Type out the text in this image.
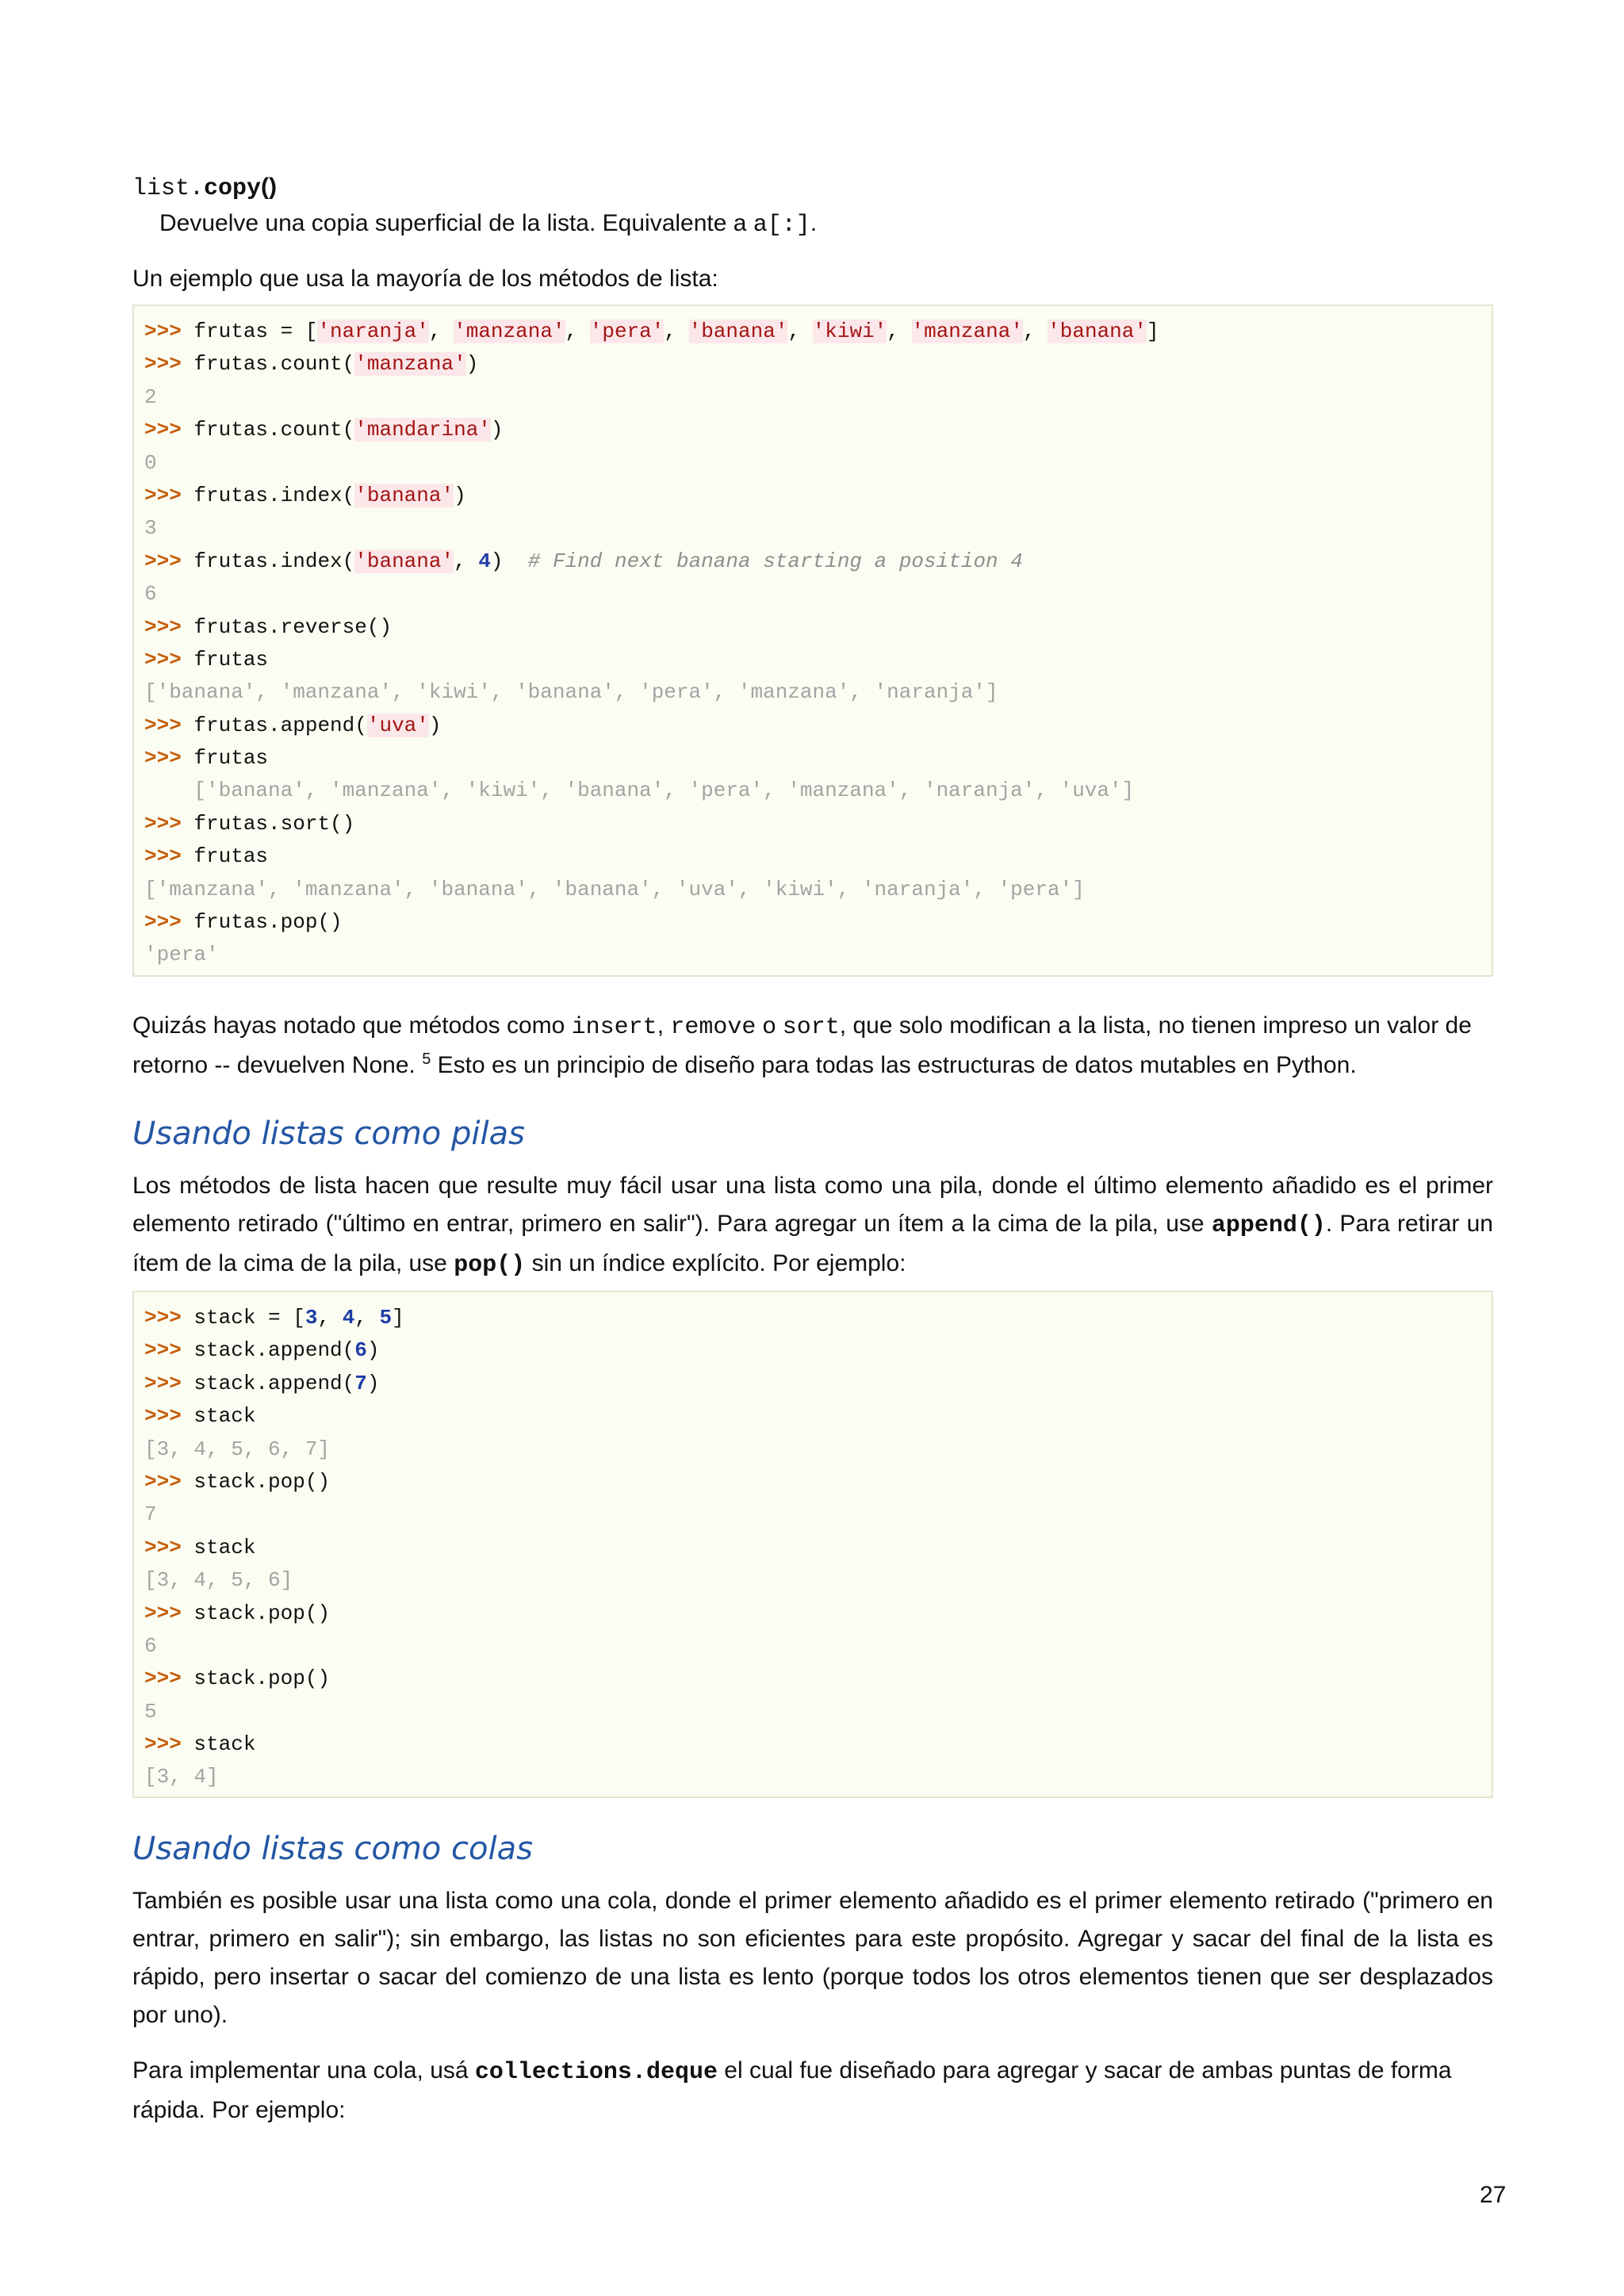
list.copy()
Devuelve una copia superficial de la lista. Equivalente a a[:].

Un ejemplo que usa la mayoría de los métodos de lista:

>>> frutas = ['naranja', 'manzana', 'pera', 'banana', 'kiwi', 'manzana', 'banana']
>>> frutas.count('manzana')
2
>>> frutas.count('mandarina')
0
>>> frutas.index('banana')
3
>>> frutas.index('banana', 4) # Find next banana starting a position 4
6
>>> frutas.reverse()
>>> frutas
['banana', 'manzana', 'kiwi', 'banana', 'pera', 'manzana', 'naranja']
>>> frutas.append('uva')
>>> frutas
['banana', 'manzana', 'kiwi', 'banana', 'pera', 'manzana', 'naranja', 'uva']
>>> frutas.sort()
>>> frutas
['manzana', 'manzana', 'banana', 'banana', 'uva', 'kiwi', 'naranja', 'pera']
>>> frutas.pop()
'pera'

Quizás hayas notado que métodos como insert, remove o sort, que solo modifican a la lista, no tienen impreso un valor de retorno -- devuelven None. $^5$ Esto es un principio de diseño para todas las estructuras de datos mutables en Python.

Usando listas como pilas

Los métodos de lista hacen que resulte muy fácil usar una lista como una pila, donde el último elemento añadido es el primer elemento retirado ("último en entrar, primero en salir"). Para agregar un ítem a la cima de la pila, use append(). Para retirar un ítem de la cima de la pila, use pop() sin un índice explícito. Por ejemplo:

>>> stack = [3, 4, 5]
>>> stack.append(6)
>>> stack.append(7)
>>> stack
[3, 4, 5, 6, 7]
>>> stack.pop()
7
>>> stack
[3, 4, 5, 6]
>>> stack.pop()
6
>>> stack.pop()
5
>>> stack
[3, 4]
Usando listas como colas

También es posible usar una lista como una cola, donde el primer elemento añadido es el primer elemento retirado ("primero en entrar, primero en salir"); sin embargo, las listas no son eficientes para este propósito. Agregar y sacar del final de la lista es rápido, pero insertar o sacar del comienzo de una lista es lento (porque todos los otros elementos tienen que ser desplazados por uno).

Para implementar una cola, usá collections.deque el cual fue diseñado para agregar y sacar de ambas puntas de forma rápida. Por ejemplo:

27
